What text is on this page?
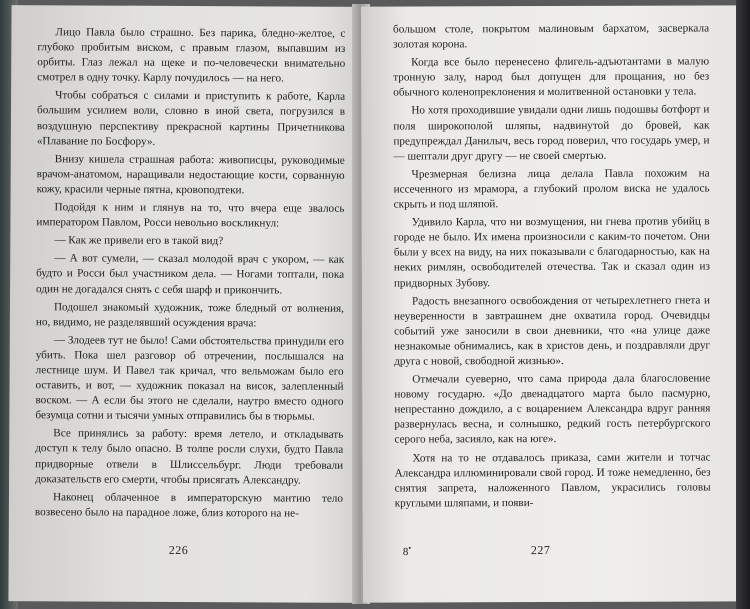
Лицо Павла было страшно. Без парика, бледно-желтое, с глубоко пробитым виском, с правым глазом, выпавшим из орбиты. Глаз лежал на щеке и по-человечески внимательно смотрел в одну точку. Карлу почудилось — на него.

Чтобы собраться с силами и приступить к работе, Карла большим усилием воли, словно в иной света, погрузился в воздушную перспективу прекрасной картины Причетникова «Плавание по Босфору».

Внизу кишела страшная работа: живописцы, руководимые врачом-анатомом, наращивали недостающие кости, сорванную кожу, красили черные пятна, кровоподтеки.

Подойдя к ним и глянув на то, что вчера еще звалось императором Павлом, Росси невольно воскликнул:

— Как же привели его в такой вид?

— А вот сумели, — сказал молодой врач с укором, — как будто и Росси был участником дела. — Ногами топтали, пока один не догадался снять с себя шарф и прикончить.

Подошел знакомый художник, тоже бледный от волнения, но, видимо, не разделявший осуждения врача:

— Злодеев тут не было! Сами обстоятельства принудили его убить. Пока шел разговор об отречении, послышался на лестнице шум. И Павел так кричал, что вельможам было его оставить, и вот, — художник показал на висок, залепленный воском. — А если бы этого не сделали, наутро вместо одного безумца сотни и тысячи умных отправились бы в тюрьмы.

Все принялись за работу: время летело, и откладывать доступ к телу было опасно. В толпе росли слухи, будто Павла придворные отвели в Шлиссельбург. Люди требовали доказательств его смерти, чтобы присягать Александру.

Наконец облаченное в императорскую мантию тело возвесено было на парадное ложе, близ которого на не-

226

большом столе, покрытом малиновым бархатом, засверкала золотая корона.

Когда все было перенесено флигель-адъютантами в малую тронную залу, народ был допущен для прощания, но без обычного коленопреклонения и молитвенной остановки у тела.

Но хотя проходившие увидали одни лишь подошвы ботфорт и поля широкополой шляпы, надвинутой до бровей, как предупреждал Данилыч, весь город поверил, что государь умер, и — шептали друг другу — не своей смертью.

Чрезмерная белизна лица делала Павла похожим на иссеченного из мрамора, а глубокий пролом виска не удалось скрыть и под шляпой.

Удивило Карла, что ни возмущения, ни гнева против убийц в городе не было. Их имена произносили с каким-то почетом. Они были у всех на виду, на них показывали с благодарностью, как на неких римлян, освободителей отечества. Так и сказал один из придворных Зубову.

Радость внезапного освобождения от четырехлетнего гнета и неуверенности в завтрашнем дне охватила город. Очевидцы событий уже заносили в свои дневники, что «на улице даже незнакомые обнимались, как в христов день, и поздравляли друг друга с новой, свободной жизнью».

Отмечали суеверно, что сама природа дала благословение новому государю. «До двенадцатого марта было пасмурно, непрестанно дождило, а с воцарением Александра вдруг ранняя развернулась весна, и солнышко, редкий гость петербургского серого неба, засияло, как на юге».

Хотя на то не отдавалось приказа, сами жители и тотчас Александра иллюминировали свой город. И тоже немедленно, без снятия запрета, наложенного Павлом, украсились головы круглыми шляпами, и появи-

8•	227
